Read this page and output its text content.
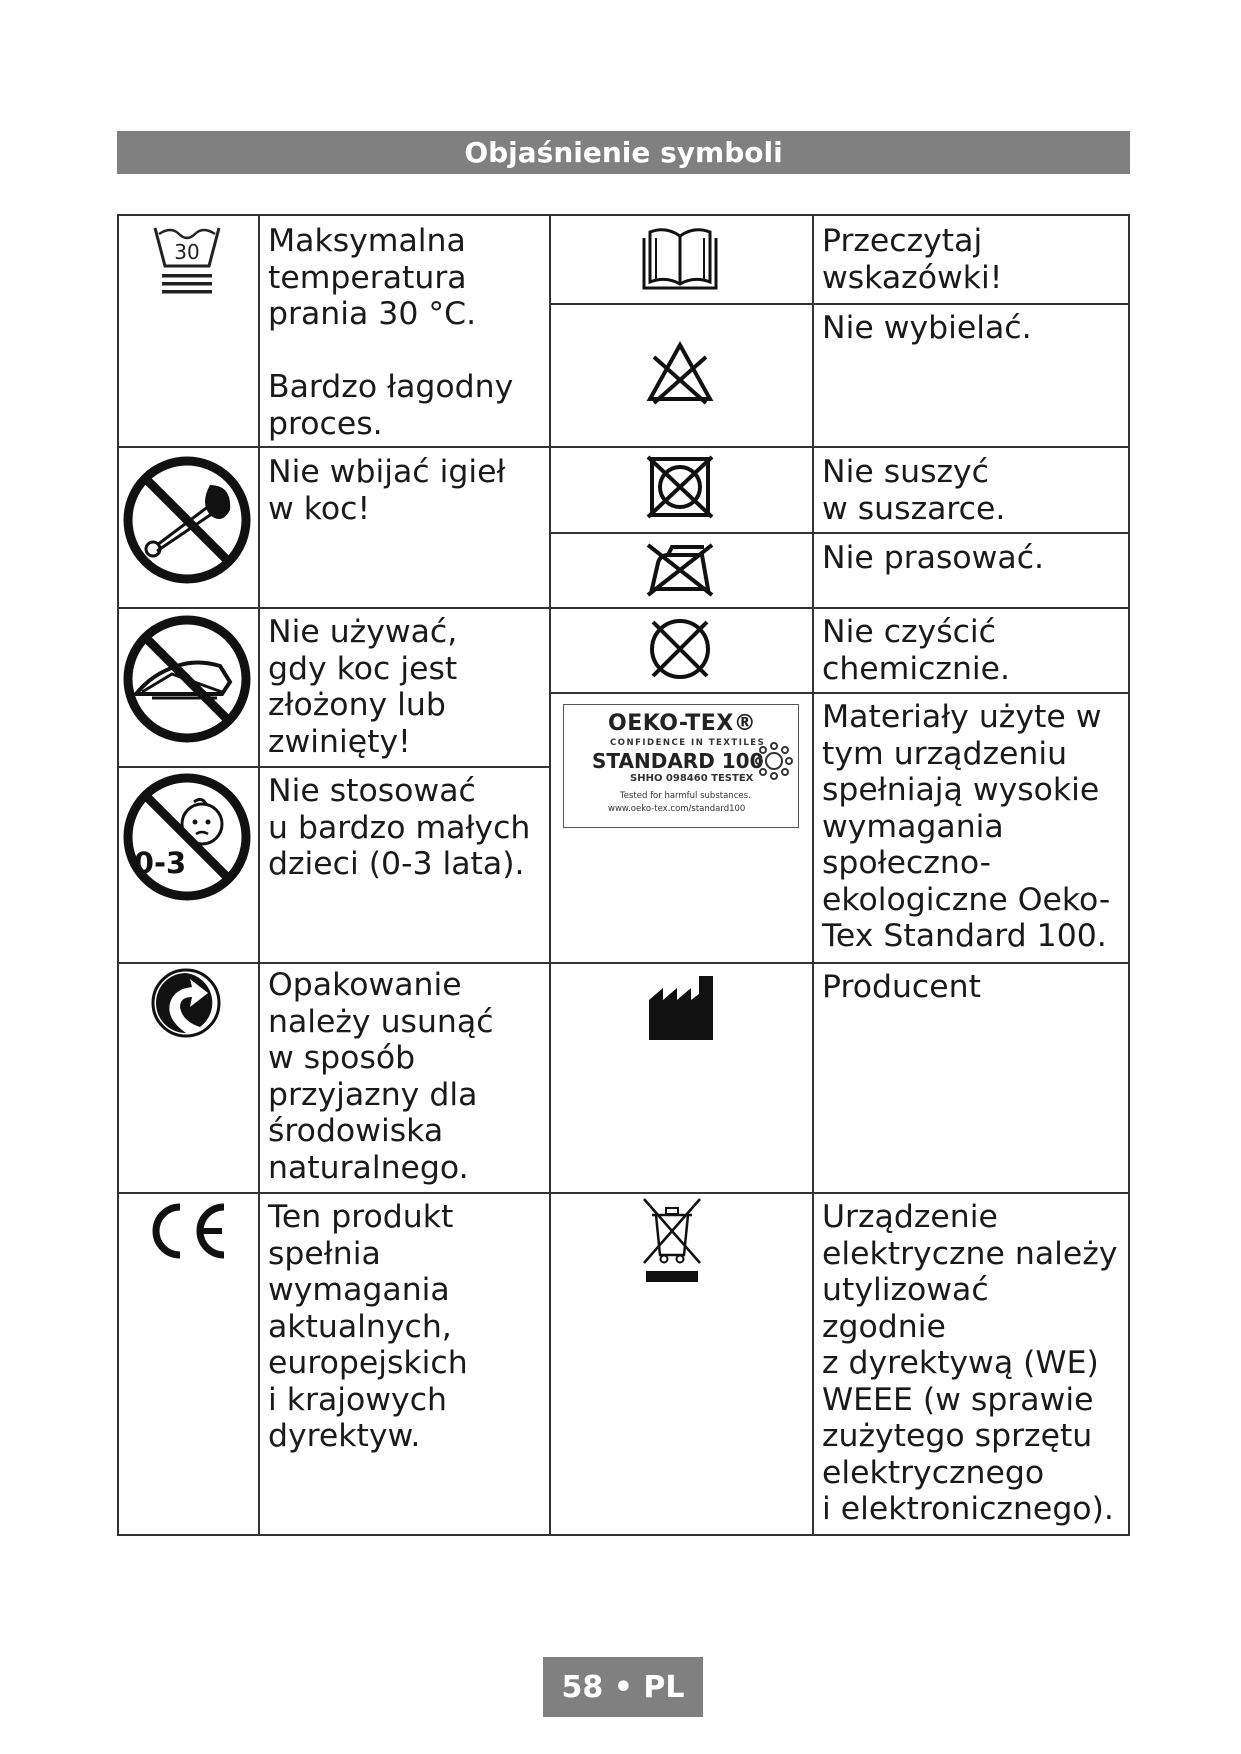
Objaśnienie symboli
30
0-3
Maksymalna
temperatura
prania 30 °C.

Bardzo łagodny
proces.
Nie wbijać igieł
w koc!
Nie używać,
gdy koc jest
złożony lub
zwinięty!
Nie stosować
u bardzo małych
dzieci (0-3 lata).
Opakowanie
należy usunąć
w sposób
przyjazny dla
środowiska
naturalnego.
Ten produkt
spełnia
wymagania
aktualnych,
europejskich
i krajowych
dyrektyw.
OEKO-TEX®
CONFIDENCE IN TEXTILES
STANDARD 100
SHHO 098460 TESTEX
Tested for harmful substances.
www.oeko-tex.com/standard100
Przeczytaj
wskazówki!
Nie wybielać.
Nie suszyć
w suszarce.
Nie prasować.
Nie czyścić
chemicznie.
Materiały użyte w
tym urządzeniu
spełniają wysokie
wymagania
społeczno-
ekologiczne Oeko-
Tex Standard 100.
Producent
Urządzenie
elektryczne należy
utylizować
zgodnie
z dyrektywą (WE)
WEEE (w sprawie
zużytego sprzętu
elektrycznego
i elektronicznego).
58 • PL
